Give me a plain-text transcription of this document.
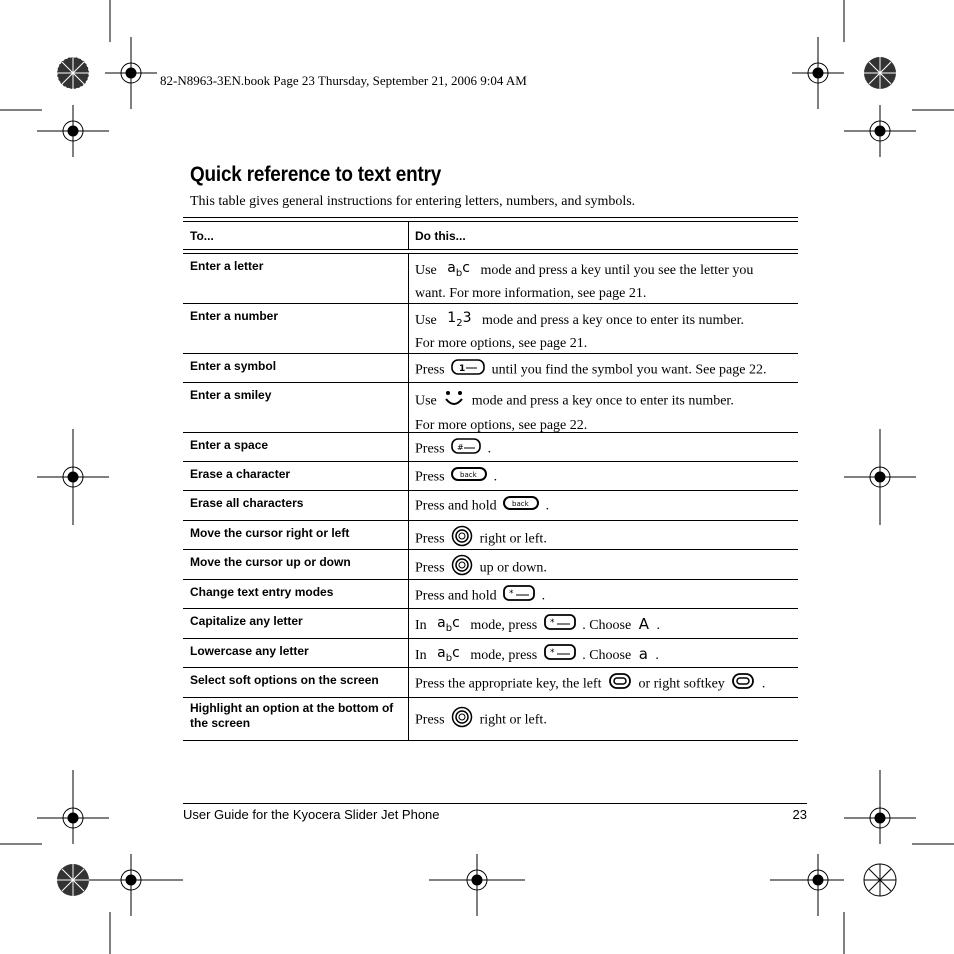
82-N8963-3EN.book Page 23 Thursday, September 21, 2006 9:04 AM
Quick reference to text entry
This table gives general instructions for entering letters, numbers, and symbols.
To...	Do this...
Enter a letter	Use $a_bc$ mode and press a key until you see the letter you
want. For more information, see page 21.
Enter a number	Use $1_23$ mode and press a key once to enter its number.
For more options, see page 21.
Enter a symbol	Press 1 until you find the symbol you want. See page 22.
Enter a smiley	Use	mode and press a key once to enter its number.
For more options, see page 22.
Enter a space	Press # .
Erase a character	Press back .
Erase all characters	Press and hold back .
Move the cursor right or left	Press	right or left.
Move the cursor up or down	Press	up or down.
Change text entry modes	Press and hold * .
Capitalize any letter	In $a_bc$ mode, press * . Choose A .
Lowercase any letter	In $a_bc$ mode, press * . Choose a .
Select soft options on the screen	Press the appropriate key, the left	or right softkey	.
Highlight an option at the bottom of the screen	Press	right or left.
User Guide for the Kyocera Slider Jet Phone	23
